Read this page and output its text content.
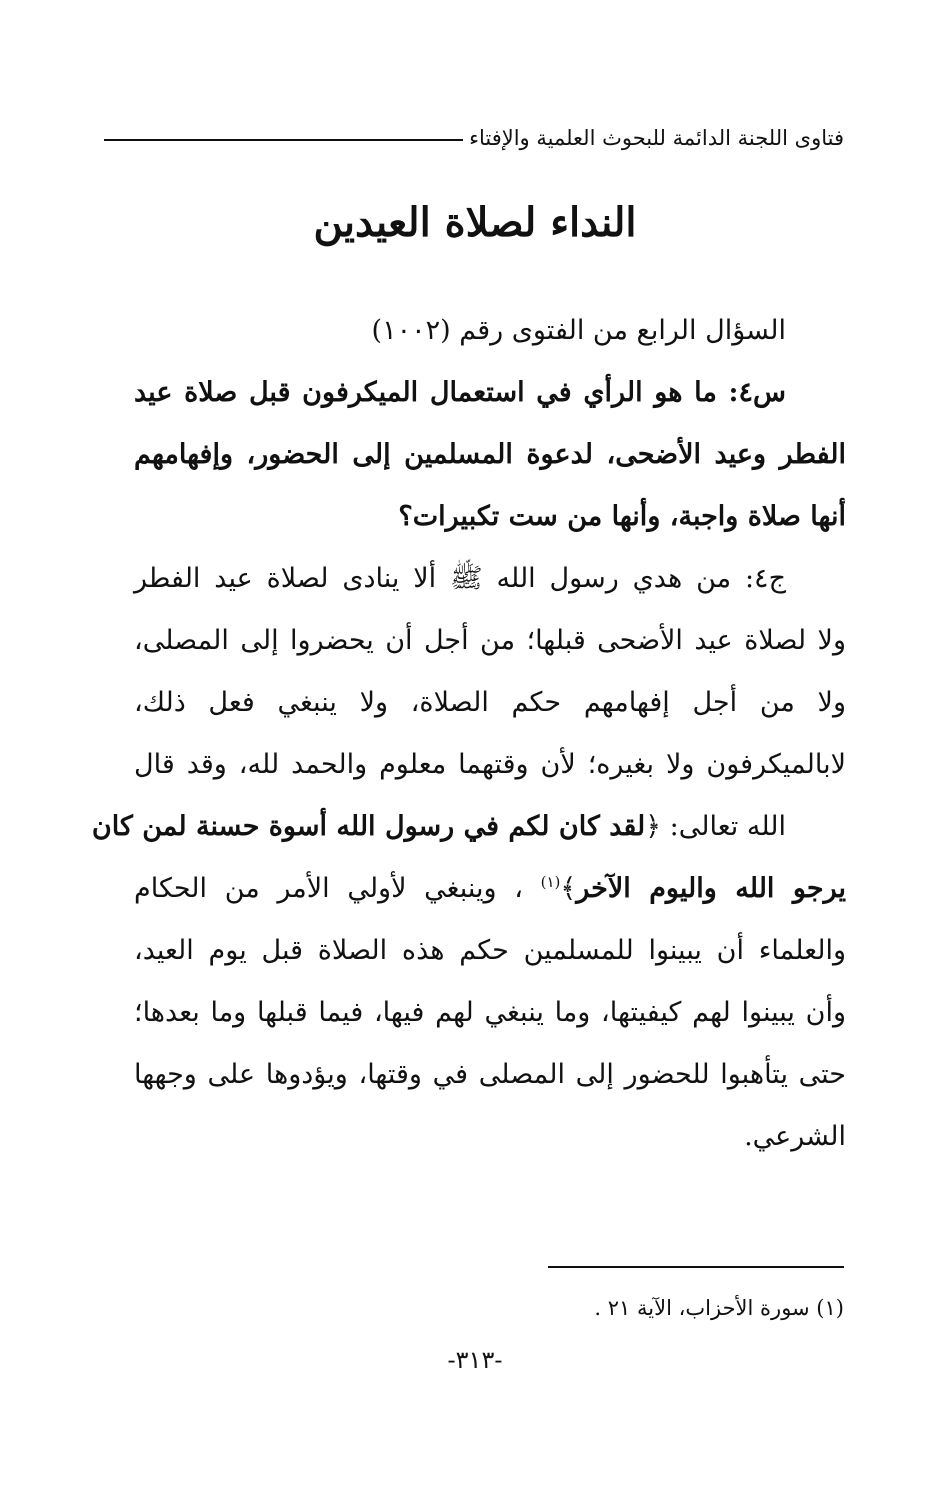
فتاوى اللجنة الدائمة للبحوث العلمية والإفتاء
النداء لصلاة العيدين
السؤال الرابع من الفتوى رقم (١٠٠٢)
س٤: ما هو الرأي في استعمال الميكرفون قبل صلاة عيد
الفطر وعيد الأضحى، لدعوة المسلمين إلى الحضور، وإفهامهم
أنها صلاة واجبة، وأنها من ست تكبيرات؟
ج٤: من هدي رسول الله ﷺ ألا ينادى لصلاة عيد الفطر
ولا لصلاة عيد الأضحى قبلها؛ من أجل أن يحضروا إلى المصلى،
ولا من أجل إفهامهم حكم الصلاة، ولا ينبغي فعل ذلك،
لابالميكرفون ولا بغيره؛ لأن وقتهما معلوم والحمد لله، وقد قال
الله تعالى: ﴿لقد كان لكم في رسول الله أسوة حسنة لمن كان
يرجو الله واليوم الآخر﴾$^{(١)}$ ، وينبغي لأولي الأمر من الحكام
والعلماء أن يبينوا للمسلمين حكم هذه الصلاة قبل يوم العيد،
وأن يبينوا لهم كيفيتها، وما ينبغي لهم فيها، فيما قبلها وما بعدها؛
حتى يتأهبوا للحضور إلى المصلى في وقتها، ويؤدوها على وجهها
الشرعي.
(١) سورة الأحزاب، الآية ٢١ .
-٣١٣-
